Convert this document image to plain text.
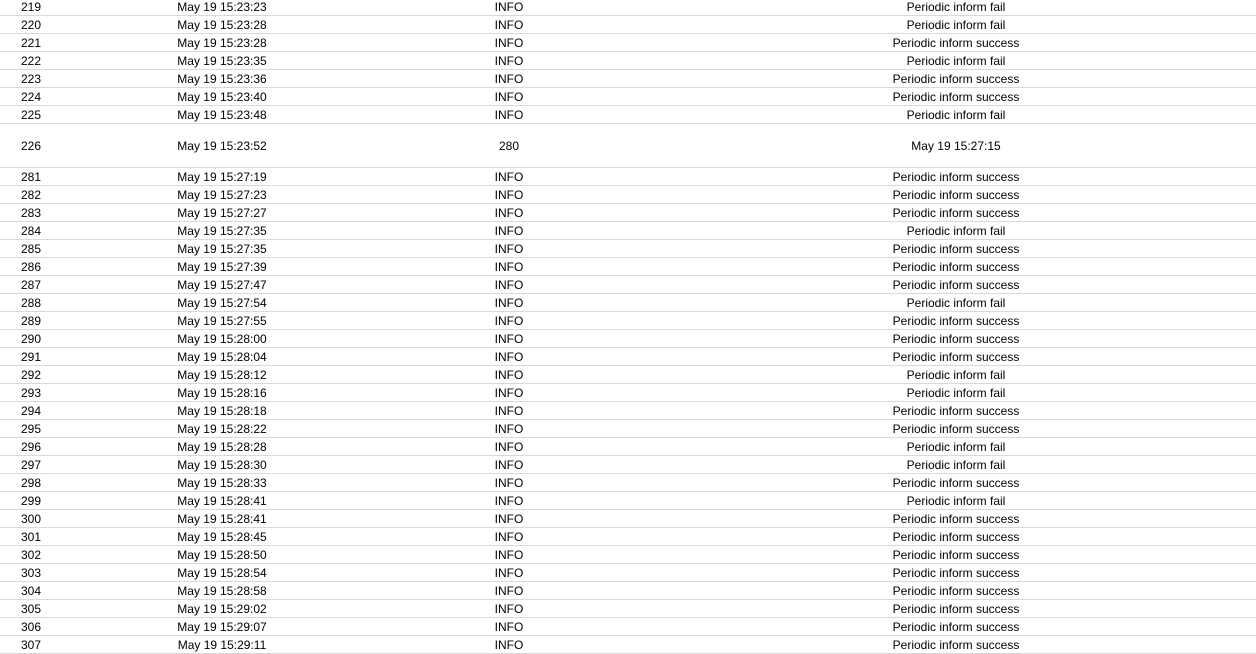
219	May 19 15:23:23	INFO	Periodic inform fail
220	May 19 15:23:28	INFO	Periodic inform fail
221	May 19 15:23:28	INFO	Periodic inform success
222	May 19 15:23:35	INFO	Periodic inform fail
223	May 19 15:23:36	INFO	Periodic inform success
224	May 19 15:23:40	INFO	Periodic inform success
225	May 19 15:23:48	INFO	Periodic inform fail
226	May 19 15:23:52	280	May 19 15:27:15
281	May 19 15:27:19	INFO	Periodic inform success
282	May 19 15:27:23	INFO	Periodic inform success
283	May 19 15:27:27	INFO	Periodic inform success
284	May 19 15:27:35	INFO	Periodic inform fail
285	May 19 15:27:35	INFO	Periodic inform success
286	May 19 15:27:39	INFO	Periodic inform success
287	May 19 15:27:47	INFO	Periodic inform success
288	May 19 15:27:54	INFO	Periodic inform fail
289	May 19 15:27:55	INFO	Periodic inform success
290	May 19 15:28:00	INFO	Periodic inform success
291	May 19 15:28:04	INFO	Periodic inform success
292	May 19 15:28:12	INFO	Periodic inform fail
293	May 19 15:28:16	INFO	Periodic inform fail
294	May 19 15:28:18	INFO	Periodic inform success
295	May 19 15:28:22	INFO	Periodic inform success
296	May 19 15:28:28	INFO	Periodic inform fail
297	May 19 15:28:30	INFO	Periodic inform fail
298	May 19 15:28:33	INFO	Periodic inform success
299	May 19 15:28:41	INFO	Periodic inform fail
300	May 19 15:28:41	INFO	Periodic inform success
301	May 19 15:28:45	INFO	Periodic inform success
302	May 19 15:28:50	INFO	Periodic inform success
303	May 19 15:28:54	INFO	Periodic inform success
304	May 19 15:28:58	INFO	Periodic inform success
305	May 19 15:29:02	INFO	Periodic inform success
306	May 19 15:29:07	INFO	Periodic inform success
307	May 19 15:29:11	INFO	Periodic inform success
